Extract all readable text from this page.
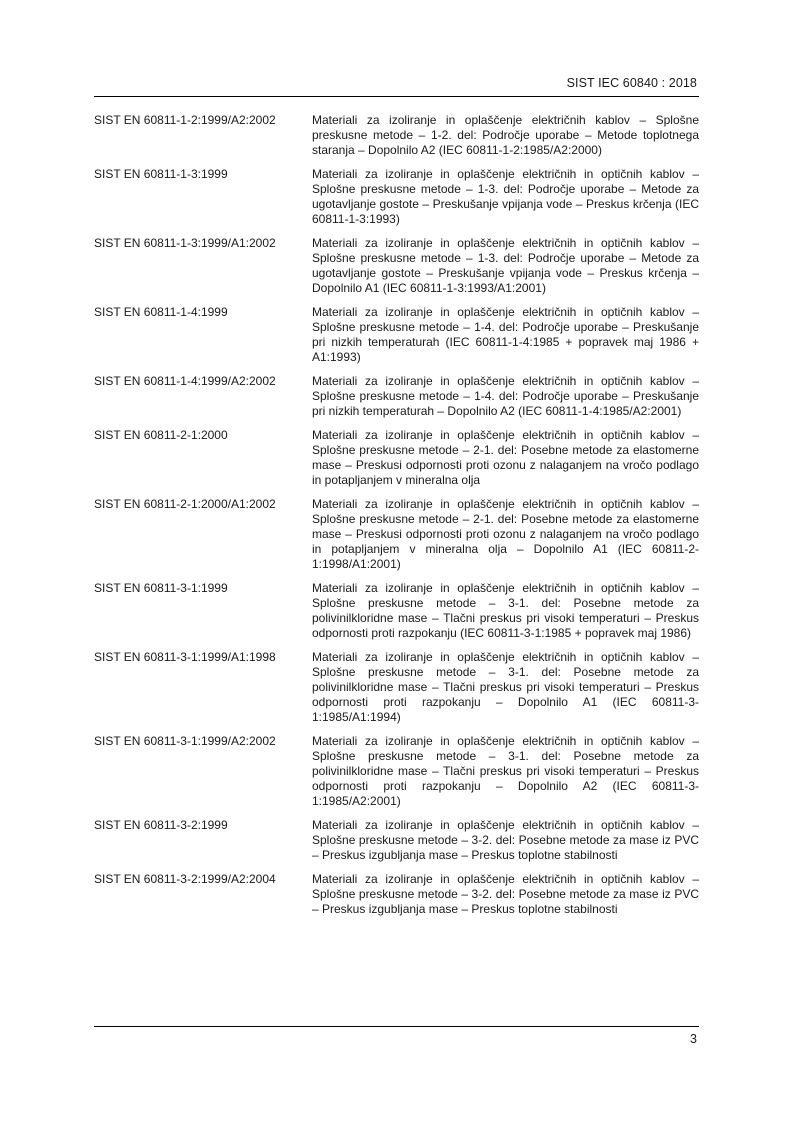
SIST IEC 60840 : 2018
SIST EN 60811-1-2:1999/A2:2002	Materiali za izoliranje in oplaščenje električnih kablov – Splošne preskusne metode – 1-2. del: Področje uporabe – Metode toplotnega staranja – Dopolnilo A2 (IEC 60811-1-2:1985/A2:2000)
SIST EN 60811-1-3:1999	Materiali za izoliranje in oplaščenje električnih in optičnih kablov – Splošne preskusne metode – 1-3. del: Področje uporabe – Metode za ugotavljanje gostote – Preskušanje vpijanja vode – Preskus krčenja (IEC 60811-1-3:1993)
SIST EN 60811-1-3:1999/A1:2002	Materiali za izoliranje in oplaščenje električnih in optičnih kablov – Splošne preskusne metode – 1-3. del: Področje uporabe – Metode za ugotavljanje gostote – Preskušanje vpijanja vode – Preskus krčenja – Dopolnilo A1 (IEC 60811-1-3:1993/A1:2001)
SIST EN 60811-1-4:1999	Materiali za izoliranje in oplaščenje električnih in optičnih kablov – Splošne preskusne metode – 1-4. del: Področje uporabe – Preskušanje pri nizkih temperaturah (IEC 60811-1-4:1985 + popravek maj 1986 + A1:1993)
SIST EN 60811-1-4:1999/A2:2002	Materiali za izoliranje in oplaščenje električnih in optičnih kablov – Splošne preskusne metode – 1-4. del: Področje uporabe – Preskušanje pri nizkih temperaturah – Dopolnilo A2 (IEC 60811-1-4:1985/A2:2001)
SIST EN 60811-2-1:2000	Materiali za izoliranje in oplaščenje električnih in optičnih kablov – Splošne preskusne metode – 2-1. del: Posebne metode za elastomerne mase – Preskusi odpornosti proti ozonu z nalaganjem na vročo podlago in potapljanjem v mineralna olja
SIST EN 60811-2-1:2000/A1:2002	Materiali za izoliranje in oplaščenje električnih in optičnih kablov – Splošne preskusne metode – 2-1. del: Posebne metode za elastomerne mase – Preskusi odpornosti proti ozonu z nalaganjem na vročo podlago in potapljanjem v mineralna olja – Dopolnilo A1 (IEC 60811-2-1:1998/A1:2001)
SIST EN 60811-3-1:1999	Materiali za izoliranje in oplaščenje električnih in optičnih kablov – Splošne preskusne metode – 3-1. del: Posebne metode za polivinilkloridne mase – Tlačni preskus pri visoki temperaturi – Preskus odpornosti proti razpokanju (IEC 60811-3-1:1985 + popravek maj 1986)
SIST EN 60811-3-1:1999/A1:1998	Materiali za izoliranje in oplaščenje električnih in optičnih kablov – Splošne preskusne metode – 3-1. del: Posebne metode za polivinilkloridne mase – Tlačni preskus pri visoki temperaturi – Preskus odpornosti proti razpokanju – Dopolnilo A1 (IEC 60811-3-1:1985/A1:1994)
SIST EN 60811-3-1:1999/A2:2002	Materiali za izoliranje in oplaščenje električnih in optičnih kablov – Splošne preskusne metode – 3-1. del: Posebne metode za polivinilkloridne mase – Tlačni preskus pri visoki temperaturi – Preskus odpornosti proti razpokanju – Dopolnilo A2 (IEC 60811-3-1:1985/A2:2001)
SIST EN 60811-3-2:1999	Materiali za izoliranje in oplaščenje električnih in optičnih kablov – Splošne preskusne metode – 3-2. del: Posebne metode za mase iz PVC – Preskus izgubljanja mase – Preskus toplotne stabilnosti
SIST EN 60811-3-2:1999/A2:2004	Materiali za izoliranje in oplaščenje električnih in optičnih kablov – Splošne preskusne metode – 3-2. del: Posebne metode za mase iz PVC – Preskus izgubljanja mase – Preskus toplotne stabilnosti
3
